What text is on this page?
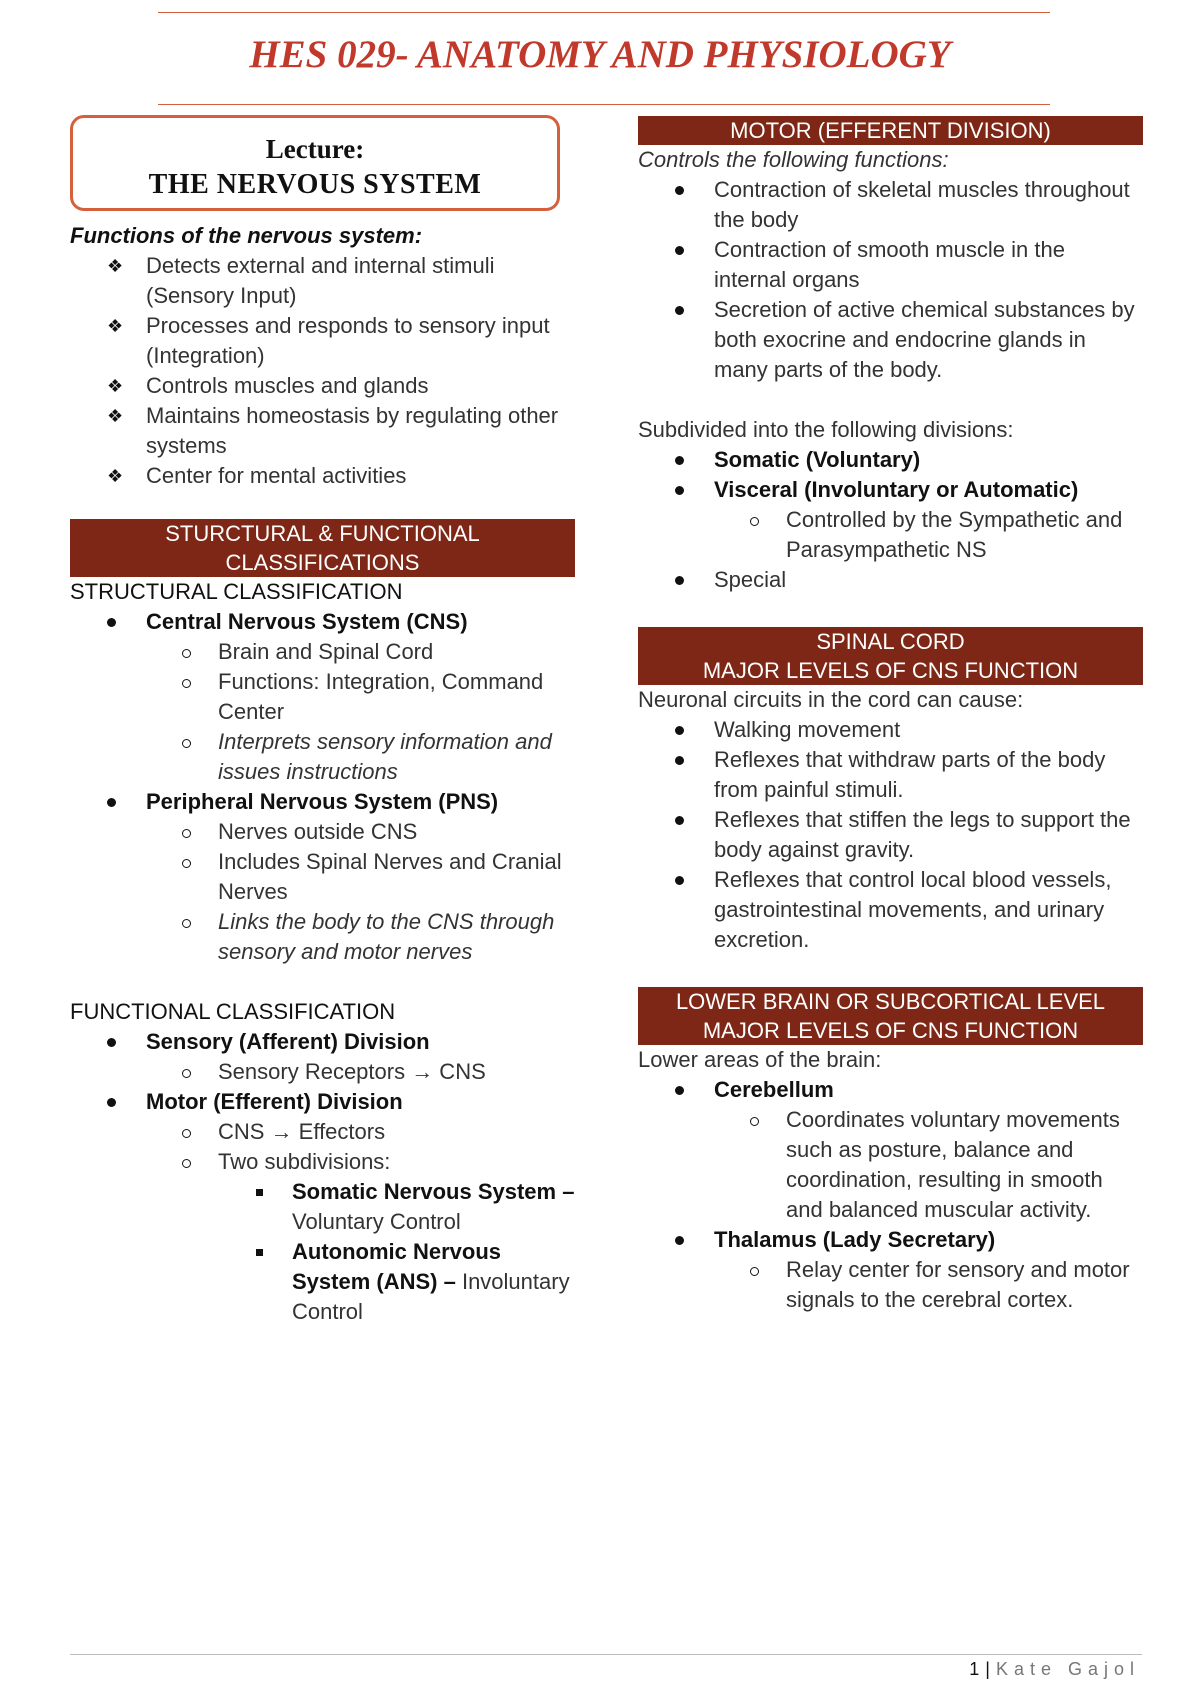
HES 029- ANATOMY AND PHYSIOLOGY
Lecture:
THE NERVOUS SYSTEM
Functions of the nervous system:
❖ Detects external and internal stimuli (Sensory Input)
❖ Processes and responds to sensory input (Integration)
❖ Controls muscles and glands
❖ Maintains homeostasis by regulating other systems
❖ Center for mental activities
STURCTURAL & FUNCTIONAL
CLASSIFICATIONS
STRUCTURAL CLASSIFICATION
Central Nervous System (CNS)
Brain and Spinal Cord
Functions: Integration, Command Center
Interprets sensory information and issues instructions
Peripheral Nervous System (PNS)
Nerves outside CNS
Includes Spinal Nerves and Cranial Nerves
Links the body to the CNS through sensory and motor nerves
FUNCTIONAL CLASSIFICATION
Sensory (Afferent) Division
Sensory Receptors → CNS
Motor (Efferent) Division
CNS → Effectors
Two subdivisions:
Somatic Nervous System – Voluntary Control
Autonomic Nervous System (ANS) – Involuntary Control
MOTOR (EFFERENT DIVISION)
Controls the following functions:
Contraction of skeletal muscles throughout the body
Contraction of smooth muscle in the internal organs
Secretion of active chemical substances by both exocrine and endocrine glands in many parts of the body.
Subdivided into the following divisions:
Somatic (Voluntary)
Visceral (Involuntary or Automatic)
Controlled by the Sympathetic and Parasympathetic NS
Special
SPINAL CORD
MAJOR LEVELS OF CNS FUNCTION
Neuronal circuits in the cord can cause:
Walking movement
Reflexes that withdraw parts of the body from painful stimuli.
Reflexes that stiffen the legs to support the body against gravity.
Reflexes that control local blood vessels, gastrointestinal movements, and urinary excretion.
LOWER BRAIN OR SUBCORTICAL LEVEL
MAJOR LEVELS OF CNS FUNCTION
Lower areas of the brain:
Cerebellum
Coordinates voluntary movements such as posture, balance and coordination, resulting in smooth and balanced muscular activity.
Thalamus (Lady Secretary)
Relay center for sensory and motor signals to the cerebral cortex.
1 | Kate Gajol
